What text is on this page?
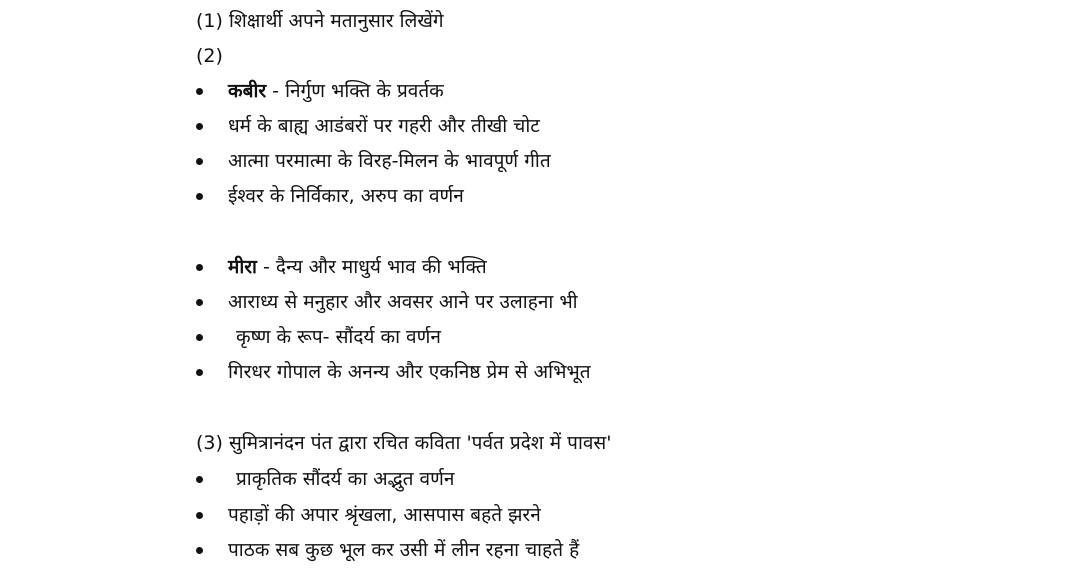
(1) शिक्षार्थी अपने मतानुसार लिखेंगे
(2)
कबीर - निर्गुण भक्ति के प्रवर्तक
धर्म के बाह्य आडंबरों पर गहरी और तीखी चोट
आत्मा परमात्मा के विरह-मिलन के भावपूर्ण गीत
ईश्वर के निर्विकार, अरुप का वर्णन
मीरा - दैन्य और माधुर्य भाव की भक्ति
आराध्य से मनुहार और अवसर आने पर उलाहना भी
कृष्ण के रूप- सौंदर्य का वर्णन
गिरधर गोपाल के अनन्य और एकनिष्ठ प्रेम से अभिभूत
(3) सुमित्रानंदन पंत द्वारा रचित कविता 'पर्वत प्रदेश में पावस'
प्राकृतिक सौंदर्य का अद्भुत वर्णन
पहाड़ों की अपार श्रृंखला, आसपास बहते झरने
पाठक सब कुछ भूल कर उसी में लीन रहना चाहते हैं
